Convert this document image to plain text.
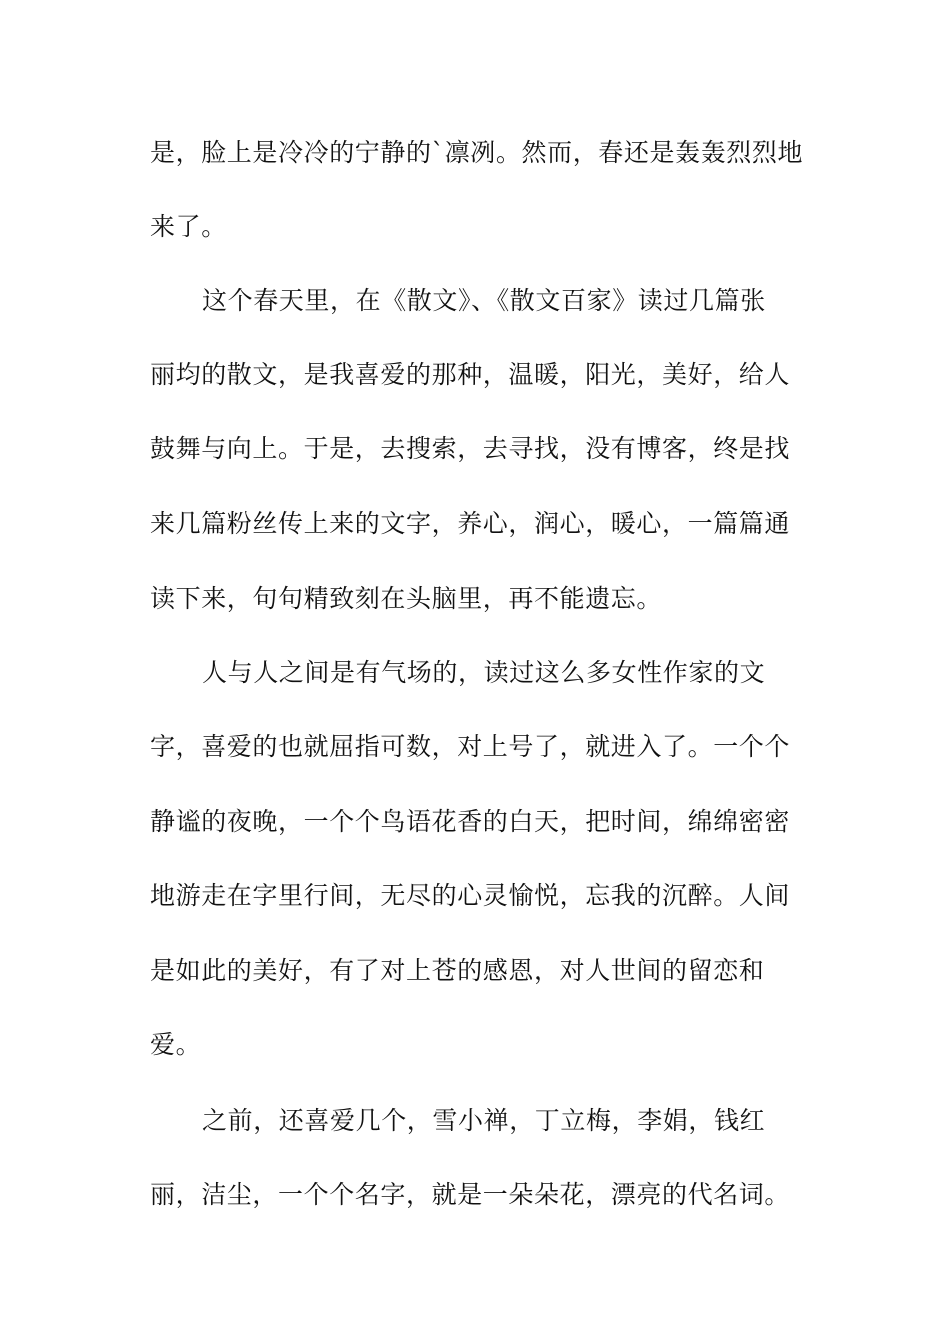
是，脸上是冷冷的宁静的`凛冽。然而，春还是轰轰烈烈地
来了。
这个春天里，在《散文》、《散文百家》读过几篇张
丽均的散文，是我喜爱的那种，温暖，阳光，美好，给人
鼓舞与向上。于是，去搜索，去寻找，没有博客，终是找
来几篇粉丝传上来的文字，养心，润心，暖心，一篇篇通
读下来，句句精致刻在头脑里，再不能遗忘。
人与人之间是有气场的，读过这么多女性作家的文
字，喜爱的也就屈指可数，对上号了，就进入了。一个个
静谧的夜晚，一个个鸟语花香的白天，把时间，绵绵密密
地游走在字里行间，无尽的心灵愉悦，忘我的沉醉。人间
是如此的美好，有了对上苍的感恩，对人世间的留恋和
爱。
之前，还喜爱几个，雪小禅，丁立梅，李娟，钱红
丽，洁尘，一个个名字，就是一朵朵花，漂亮的代名词。
